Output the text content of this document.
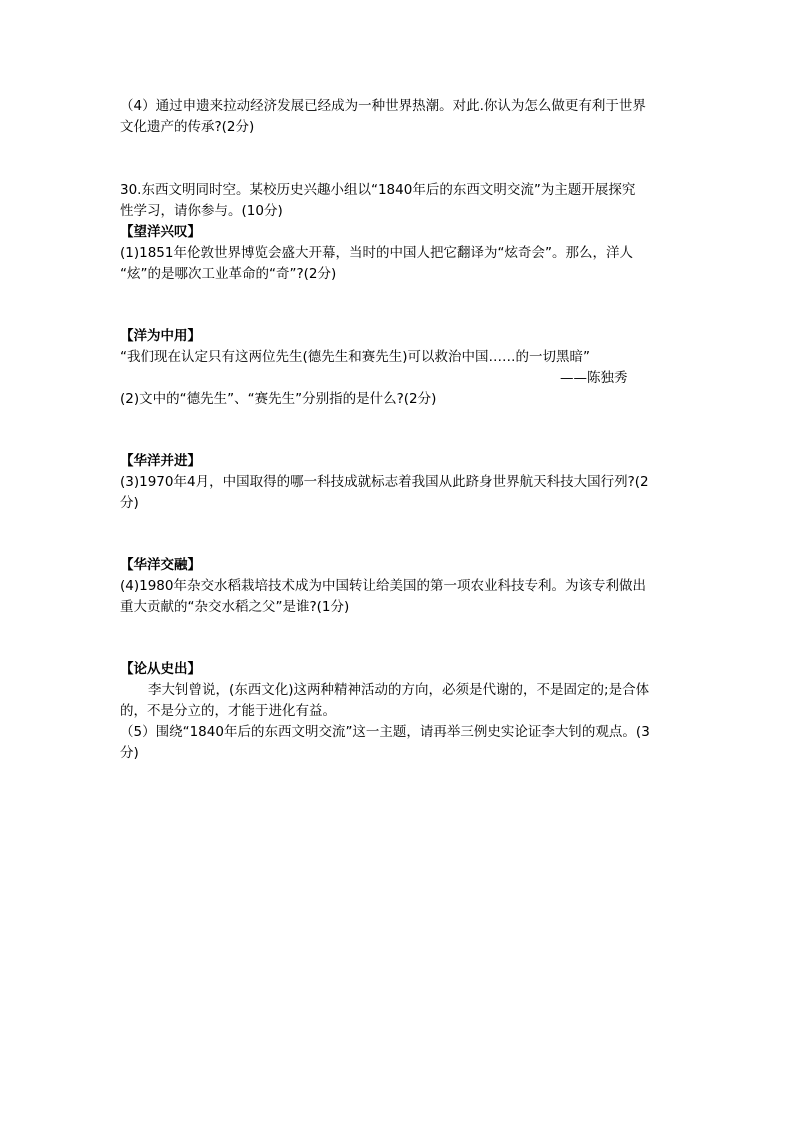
（4）通过申遗来拉动经济发展已经成为一种世界热潮。对此.你认为怎么做更有利于世界
文化遗产的传承?(2分)
30.东西文明同时空。某校历史兴趣小组以“1840年后的东西文明交流”为主题开展探究
性学习，请你参与。(10分)
【望洋兴叹】
(1)1851年伦敦世界博览会盛大开幕，当时的中国人把它翻译为“炫奇会”。那么，洋人
“炫”的是哪次工业革命的“奇”?(2分)
【洋为中用】
“我们现在认定只有这两位先生(德先生和赛先生)可以救治中国……的一切黑暗”
——陈独秀
(2)文中的“德先生”、“赛先生”分别指的是什么?(2分)
【华洋并进】
(3)1970年4月，中国取得的哪一科技成就标志着我国从此跻身世界航天科技大国行列?(2
分)
【华洋交融】
(4)1980年杂交水稻栽培技术成为中国转让给美国的第一项农业科技专利。为该专利做出
重大贡献的“杂交水稻之父”是谁?(1分)
【论从史出】
李大钊曾说，(东西文化)这两种精神活动的方向，必须是代谢的，不是固定的;是合体
的，不是分立的，才能于进化有益。
（5）围绕“1840年后的东西文明交流”这一主题，请再举三例史实论证李大钊的观点。(3
分)
